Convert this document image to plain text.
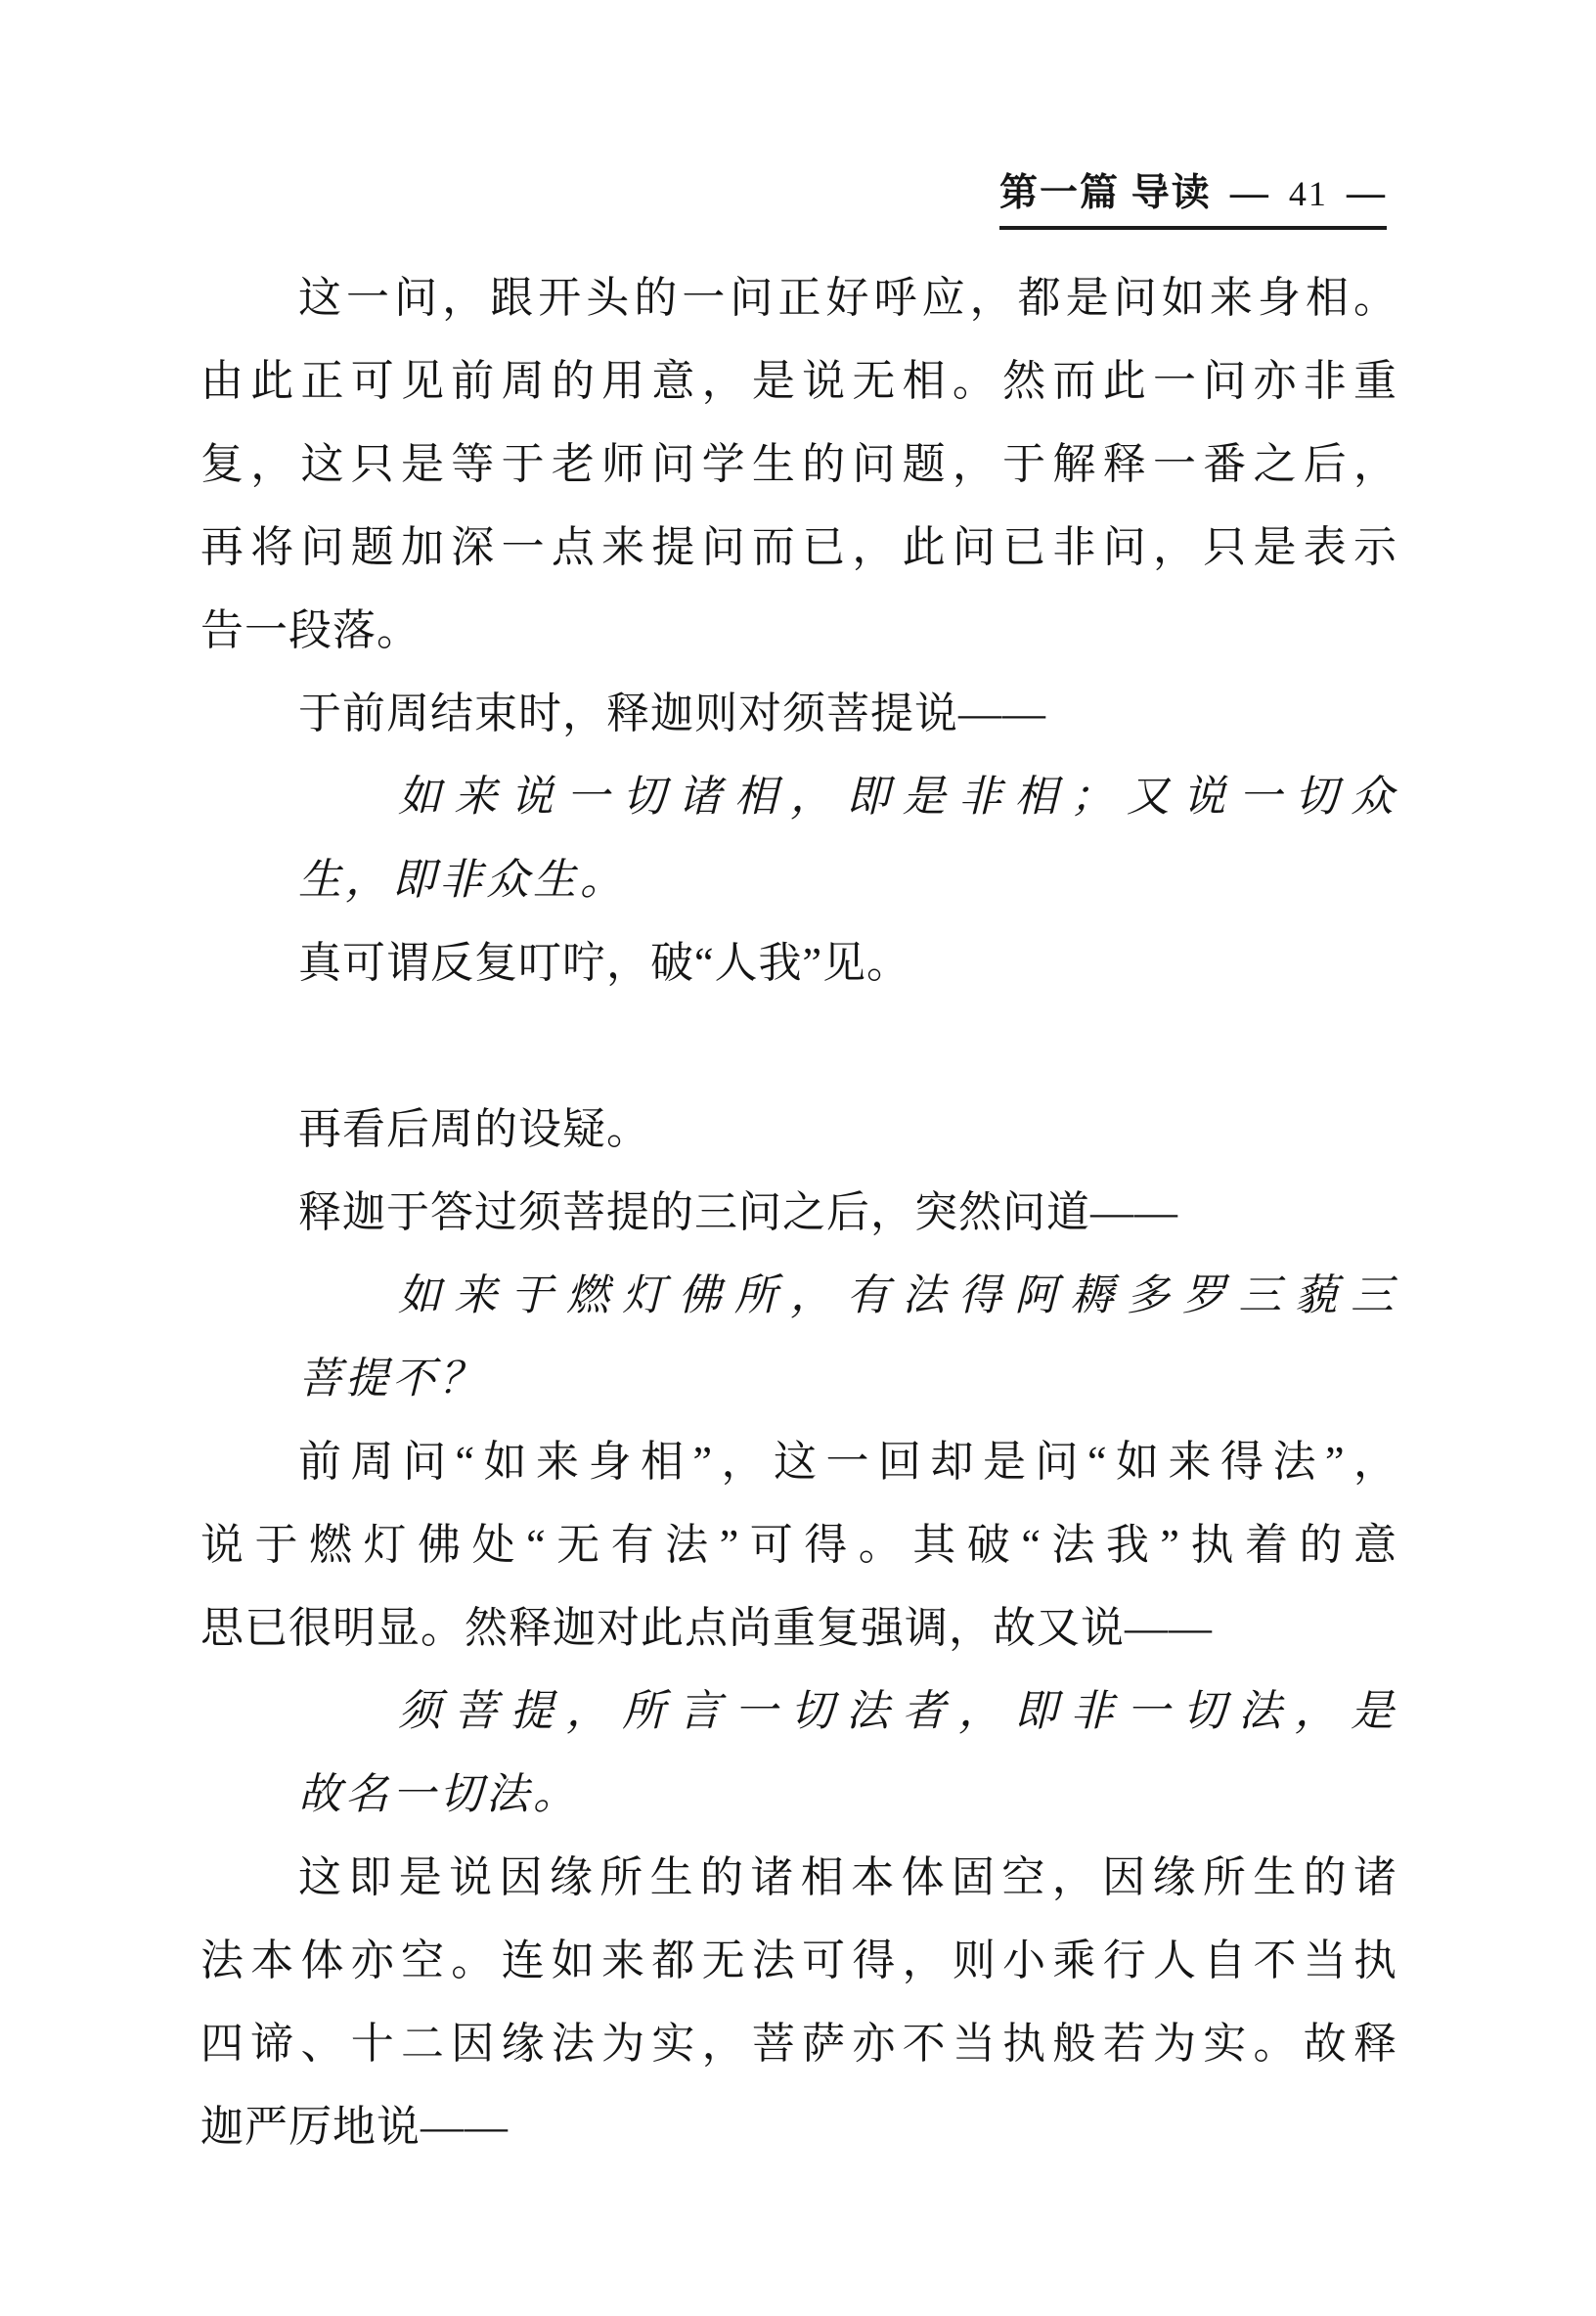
第一篇 导读 — 41 —
这一问，跟开头的一问正好呼应，都是问如来身相。
由此正可见前周的用意，是说无相。然而此一问亦非重
复，这只是等于老师问学生的问题，于解释一番之后，
再将问题加深一点来提问而已，此问已非问，只是表示
告一段落。
于前周结束时，释迦则对须菩提说——
如来说一切诸相，即是非相；又说一切众
生，即非众生。
真可谓反复叮咛，破“人我”见。
再看后周的设疑。
释迦于答过须菩提的三问之后，突然问道——
如来于燃灯佛所，有法得阿耨多罗三藐三
菩提不？
前周问“如来身相”，这一回却是问“如来得法”，
说于燃灯佛处“无有法”可得。其破“法我”执着的意
思已很明显。然释迦对此点尚重复强调，故又说——
须菩提，所言一切法者，即非一切法，是
故名一切法。
这即是说因缘所生的诸相本体固空，因缘所生的诸
法本体亦空。连如来都无法可得，则小乘行人自不当执
四谛、十二因缘法为实，菩萨亦不当执般若为实。故释
迦严厉地说——
